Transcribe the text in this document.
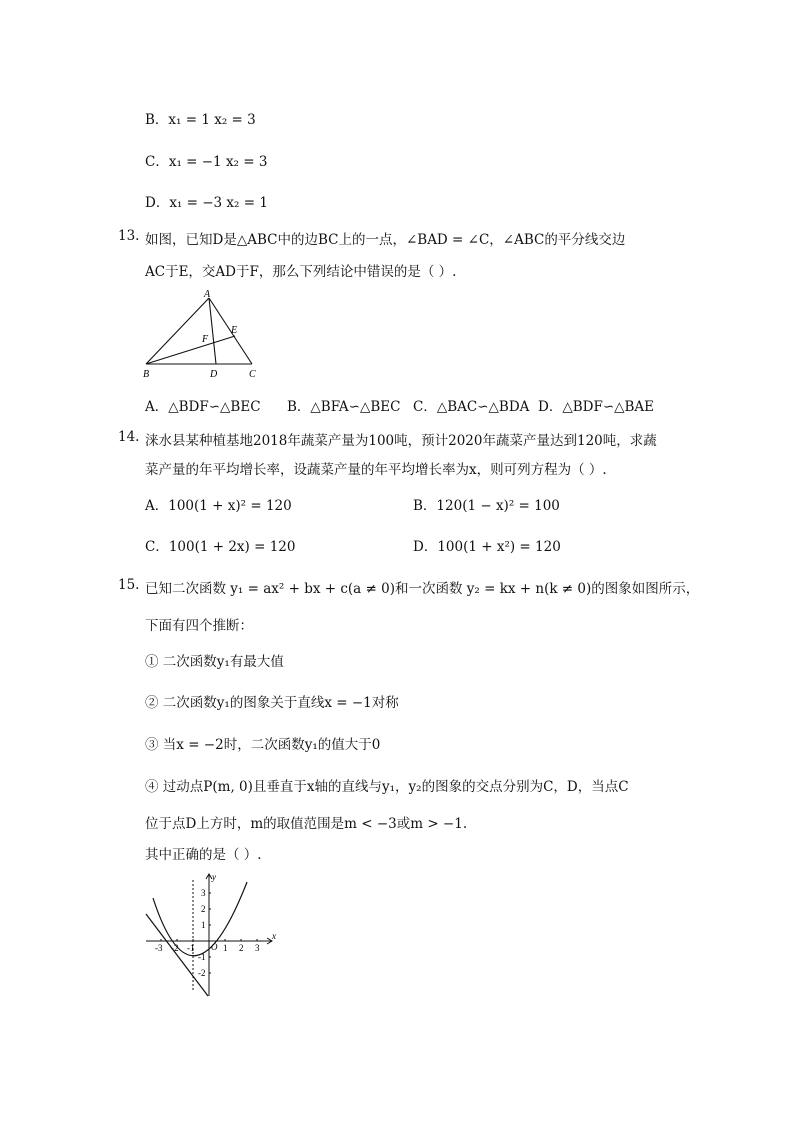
B．x₁ = 1 x₂ = 3
C．x₁ = −1 x₂ = 3
D．x₁ = −3 x₂ = 1
13. 如图，已知D是△ABC中的边BC上的一点，∠BAD = ∠C，∠ABC的平分线交边
AC于E，交AD于F，那么下列结论中错误的是（ ）.
A
E
F
B	D	C
A．△BDF∽△BEC B．△BFA∽△BEC C．△BAC∽△BDA D．△BDF∽△BAE
14. 涞水县某种植基地2018年蔬菜产量为100吨，预计2020年蔬菜产量达到120吨，求蔬
菜产量的年平均增长率，设蔬菜产量的年平均增长率为x，则可列方程为（ ）.
A．100(1 + x)² = 120	B．120(1 − x)² = 100
C．100(1 + 2x) = 120	D．100(1 + x²) = 120
15. 已知二次函数 y₁ = ax² + bx + c(a ≠ 0)和一次函数 y₂ = kx + n(k ≠ 0)的图象如图所示，
下面有四个推断：
① 二次函数y₁有最大值
② 二次函数y₁的图象关于直线x = −1对称
③ 当x = −2时，二次函数y₁的值大于0
④ 过动点P(m, 0)且垂直于x轴的直线与y₁，y₂的图象的交点分别为C，D，当点C
位于点D上方时，m的取值范围是m < −3或m > −1.
其中正确的是（ ）.
y
x
O
-3 -2 -1	1 2 3
3
2
1
-1
-2
